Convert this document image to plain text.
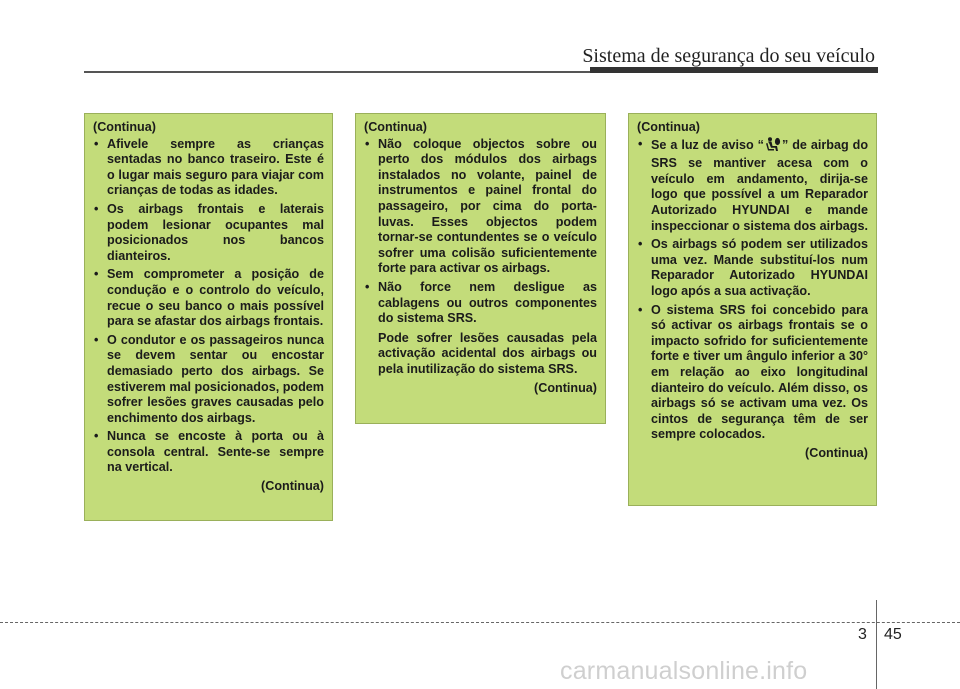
Sistema de segurança do seu veículo
(Continua)
• Afivele sempre as crianças sentadas no banco traseiro. Este é o lugar mais seguro para viajar com crianças de todas as idades.
• Os airbags frontais e laterais podem lesionar ocupantes mal posicionados nos bancos dianteiros.
• Sem comprometer a posição de condução e o controlo do veículo, recue o seu banco o mais possível para se afastar dos airbags frontais.
• O condutor e os passageiros nunca se devem sentar ou encostar demasiado perto dos airbags. Se estiverem mal posicionados, podem sofrer lesões graves causadas pelo enchimento dos airbags.
• Nunca se encoste à porta ou à consola central. Sente-se sempre na vertical.
(Continua)
(Continua)
• Não coloque objectos sobre ou perto dos módulos dos airbags instalados no volante, painel de instrumentos e painel frontal do passageiro, por cima do porta-luvas. Esses objectos podem tornar-se contundentes se o veículo sofrer uma colisão suficientemente forte para activar os airbags.
• Não force nem desligue as cablagens ou outros componentes do sistema SRS.
Pode sofrer lesões causadas pela activação acidental dos airbags ou pela inutilização do sistema SRS.
(Continua)
(Continua)
• Se a luz de aviso “ ” de airbag do SRS se mantiver acesa com o veículo em andamento, dirija-se logo que possível a um Reparador Autorizado HYUNDAI e mande inspeccionar o sistema dos airbags.
• Os airbags só podem ser utilizados uma vez. Mande substituí-los num Reparador Autorizado HYUNDAI logo após a sua activação.
• O sistema SRS foi concebido para só activar os airbags frontais se o impacto sofrido for suficientemente forte e tiver um ângulo inferior a 30° em relação ao eixo longitudinal dianteiro do veículo. Além disso, os airbags só se activam uma vez. Os cintos de segurança têm de ser sempre colocados.
(Continua)
3 45
carmanualsonline.info
